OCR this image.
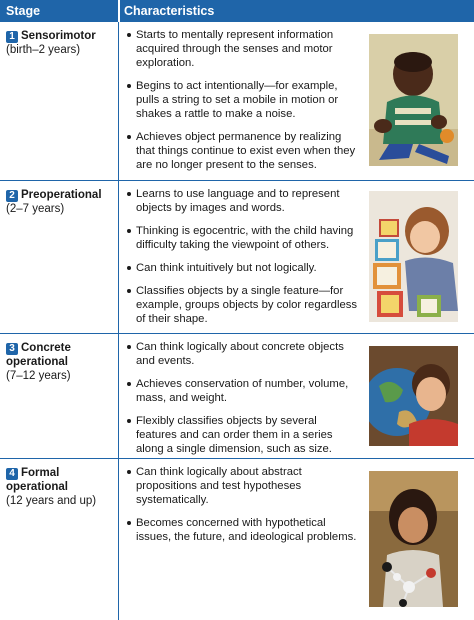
Stage	Characteristics
1 Sensorimotor
(birth–2 years)
Starts to mentally represent information acquired through the senses and motor exploration.
Begins to act intentionally—for example, pulls a string to set a mobile in motion or shakes a rattle to make a noise.
Achieves object permanence by realizing that things continue to exist even when they are no longer present to the senses.
2 Preoperational
(2–7 years)
Learns to use language and to represent objects by images and words.
Thinking is egocentric, with the child having difficulty taking the viewpoint of others.
Can think intuitively but not logically.
Classifies objects by a single feature—for example, groups objects by color regardless of their shape.
3 Concrete operational
(7–12 years)
Can think logically about concrete objects and events.
Achieves conservation of number, volume, mass, and weight.
Flexibly classifies objects by several features and can order them in a series along a single dimension, such as size.
4 Formal operational
(12 years and up)
Can think logically about abstract propositions and test hypotheses systematically.
Becomes concerned with hypothetical issues, the future, and ideological problems.
